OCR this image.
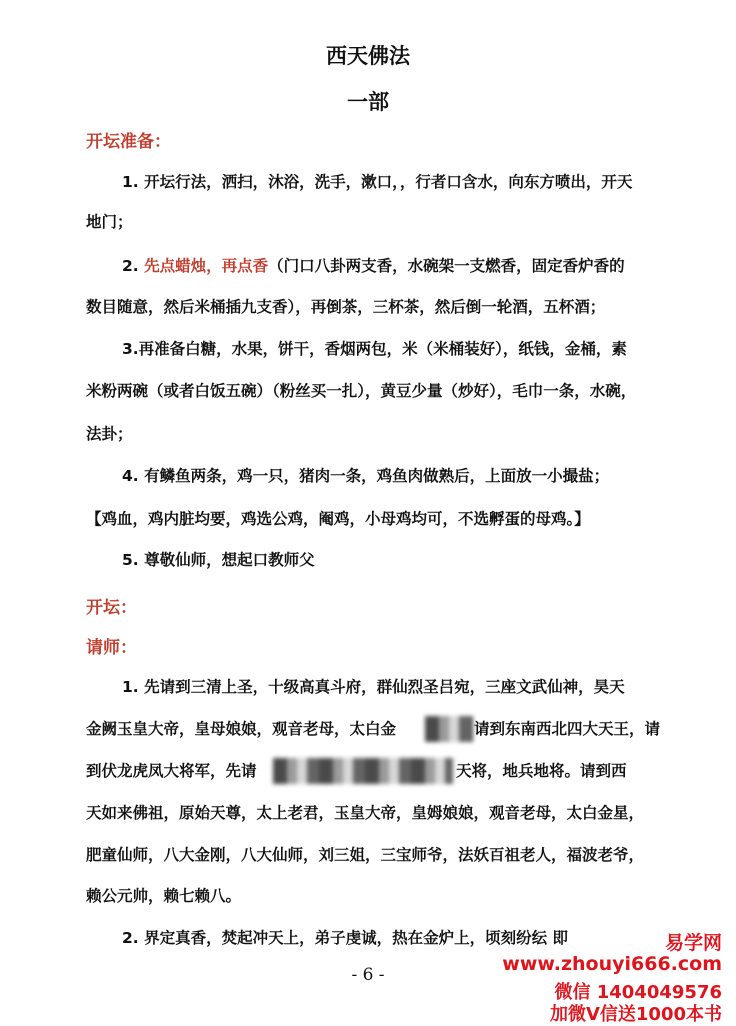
西天佛法
一部
开坛准备：
1. 开坛行法，洒扫，沐浴，洗手，漱口，，行者口含水，向东方喷出，开天
地门；
2. 先点蜡烛，再点香（门口八卦两支香，水碗架一支燃香，固定香炉香的
数目随意，然后米桶插九支香），再倒茶，三杯茶，然后倒一轮酒，五杯酒；
3.再准备白糖，水果，饼干，香烟两包，米（米桶装好），纸钱，金桶，素
米粉两碗（或者白饭五碗）（粉丝买一扎），黄豆少量（炒好），毛巾一条，水碗，
法卦；
4. 有鳞鱼两条，鸡一只，猪肉一条，鸡鱼肉做熟后，上面放一小撮盐；
【鸡血，鸡内脏均要，鸡选公鸡，阉鸡，小母鸡均可，不选孵蛋的母鸡。】
5. 尊敬仙师，想起口教师父
开坛：
请师：
1. 先请到三清上圣，十级高真斗府，群仙烈圣吕宛，三座文武仙神，昊天
金阙玉皇大帝，皇母娘娘，观音老母，太白金	请到东南西北四大天王，请
到伏龙虎凤大将军，先请	天将，地兵地将。请到西
天如来佛祖，原始天尊，太上老君，玉皇大帝，皇姆娘娘，观音老母，太白金星，
肥童仙师，八大金刚，八大仙师，刘三姐，三宝师爷，法妖百祖老人，福波老爷，
赖公元帅，赖七赖八。
2. 界定真香，焚起冲天上，弟子虔诚，热在金炉上，顷刻纷纭 即
- 6 -
易学网
www.zhouyi666.com
微信 1404049576
加微V信送1000本书
